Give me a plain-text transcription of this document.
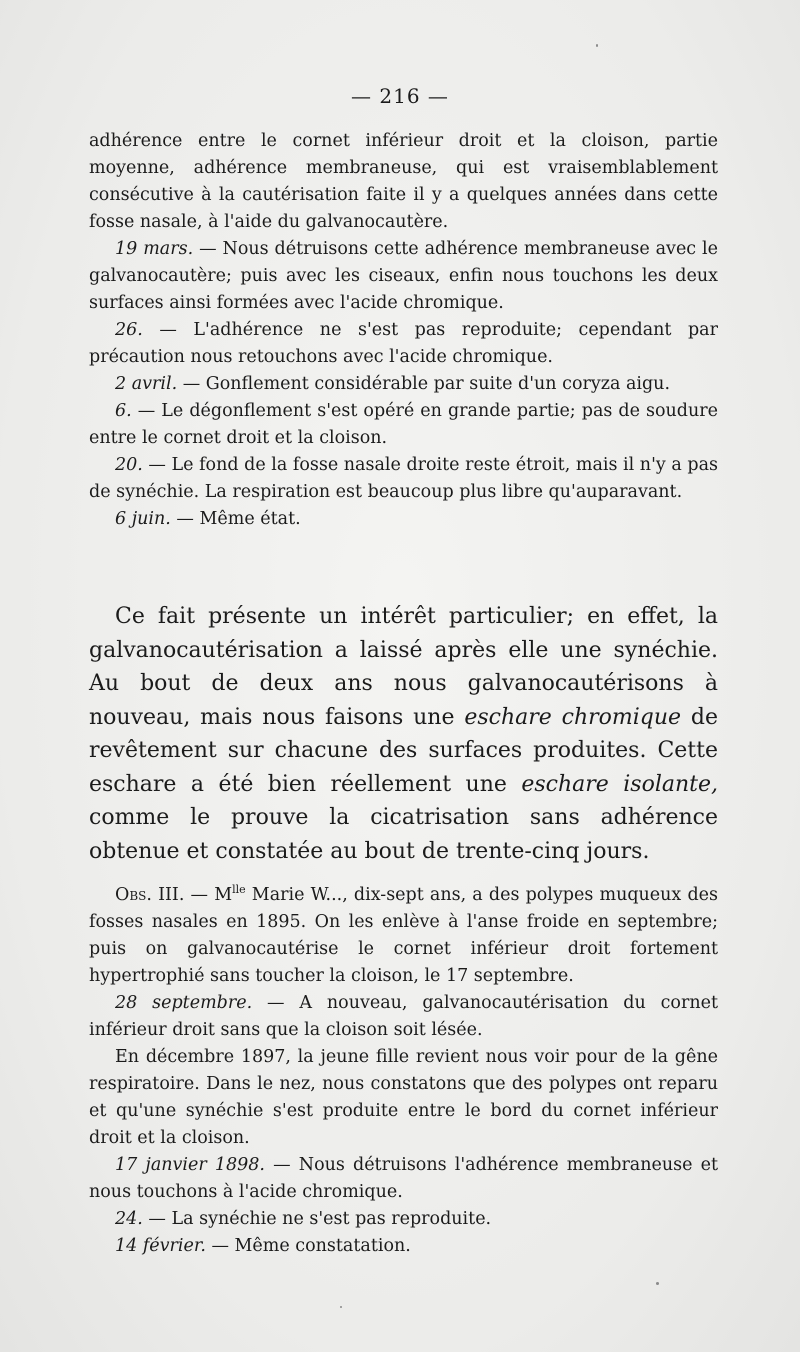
— 216 —

adhérence entre le cornet inférieur droit et la cloison, partie moyenne, adhérence membraneuse, qui est vraisemblablement consécutive à la cautérisation faite il y a quelques années dans cette fosse nasale, à l'aide du galvanocautère.

19 mars. — Nous détruisons cette adhérence membraneuse avec le galvanocautère; puis avec les ciseaux, enfin nous touchons les deux surfaces ainsi formées avec l'acide chromique.

26. — L'adhérence ne s'est pas reproduite; cependant par précaution nous retouchons avec l'acide chromique.

2 avril. — Gonflement considérable par suite d'un coryza aigu.

6. — Le dégonflement s'est opéré en grande partie; pas de soudure entre le cornet droit et la cloison.

20. — Le fond de la fosse nasale droite reste étroit, mais il n'y a pas de synéchie. La respiration est beaucoup plus libre qu'auparavant.

6 juin. — Même état.

Ce fait présente un intérêt particulier; en effet, la galvanocautérisation a laissé après elle une synéchie. Au bout de deux ans nous galvanocautérisons à nouveau, mais nous faisons une eschare chromique de revêtement sur chacune des surfaces produites. Cette eschare a été bien réellement une eschare isolante, comme le prouve la cicatrisation sans adhérence obtenue et constatée au bout de trente-cinq jours.

Obs. III. — $M^{lle}$ Marie W..., dix-sept ans, a des polypes muqueux des fosses nasales en 1895. On les enlève à l'anse froide en septembre; puis on galvanocautérise le cornet inférieur droit fortement hypertrophié sans toucher la cloison, le 17 septembre.

28 septembre. — A nouveau, galvanocautérisation du cornet inférieur droit sans que la cloison soit lésée.

En décembre 1897, la jeune fille revient nous voir pour de la gêne respiratoire. Dans le nez, nous constatons que des polypes ont reparu et qu'une synéchie s'est produite entre le bord du cornet inférieur droit et la cloison.

17 janvier 1898. — Nous détruisons l'adhérence membraneuse et nous touchons à l'acide chromique.

24. — La synéchie ne s'est pas reproduite.

14 février. — Même constatation.
